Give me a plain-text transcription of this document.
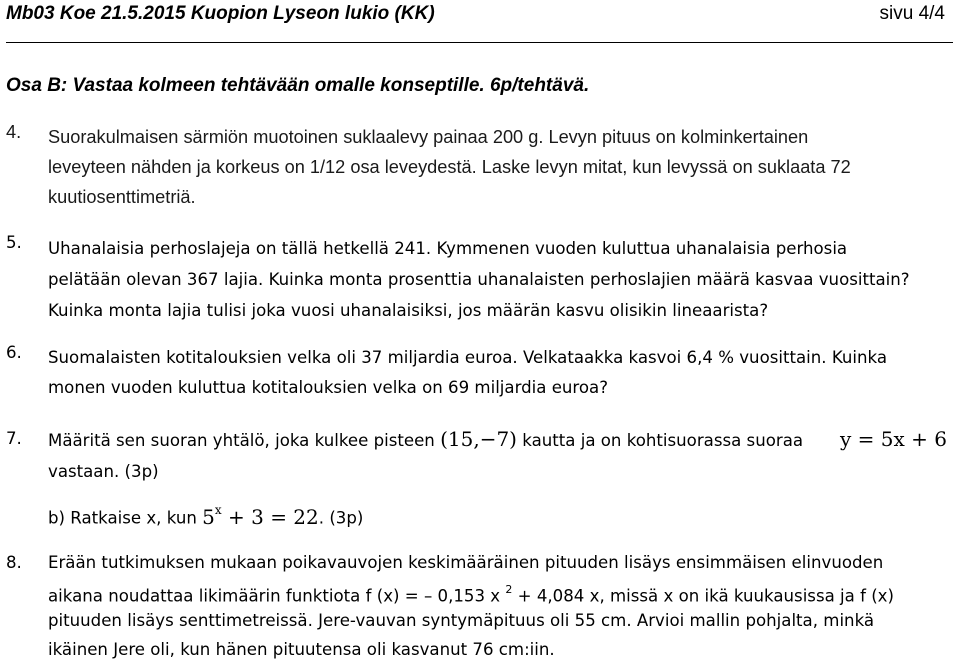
Mb03 Koe 21.5.2015 Kuopion Lyseon lukio (KK)	sivu 4/4
Osa B: Vastaa kolmeen tehtävään omalle konseptille. 6p/tehtävä.
4.	Suorakulmaisen särmiön muotoinen suklaalevy painaa 200 g. Levyn pituus on kolminkertainen
leveyteen nähden ja korkeus on 1/12 osa leveydestä. Laske levyn mitat, kun levyssä on suklaata 72
kuutiosenttimetriä.
5.	Uhanalaisia perhoslajeja on tällä hetkellä 241. Kymmenen vuoden kuluttua uhanalaisia perhosia
pelätään olevan 367 lajia. Kuinka monta prosenttia uhanalaisten perhoslajien määrä kasvaa vuosittain?
Kuinka monta lajia tulisi joka vuosi uhanalaisiksi, jos määrän kasvu olisikin lineaarista?
6.	Suomalaisten kotitalouksien velka oli 37 miljardia euroa. Velkataakka kasvoi 6,4 % vuosittain. Kuinka
monen vuoden kuluttua kotitalouksien velka on 69 miljardia euroa?
7.	Määritä sen suoran yhtälö, joka kulkee pisteen (15,−7) kautta ja on kohtisuorassa suoraa y = 5x + 6
vastaan. (3p)
b) Ratkaise x, kun $5^x + 3 = 22$. (3p)
8.	Erään tutkimuksen mukaan poikavauvojen keskimääräinen pituuden lisäys ensimmäisen elinvuoden
aikana noudattaa likimäärin funktiota f (x) = – 0,153 x $^2$ + 4,084 x, missä x on ikä kuukausissa ja f (x)
pituuden lisäys senttimetreissä. Jere-vauvan syntymäpituus oli 55 cm. Arvioi mallin pohjalta, minkä
ikäinen Jere oli, kun hänen pituutensa oli kasvanut 76 cm:iin.
